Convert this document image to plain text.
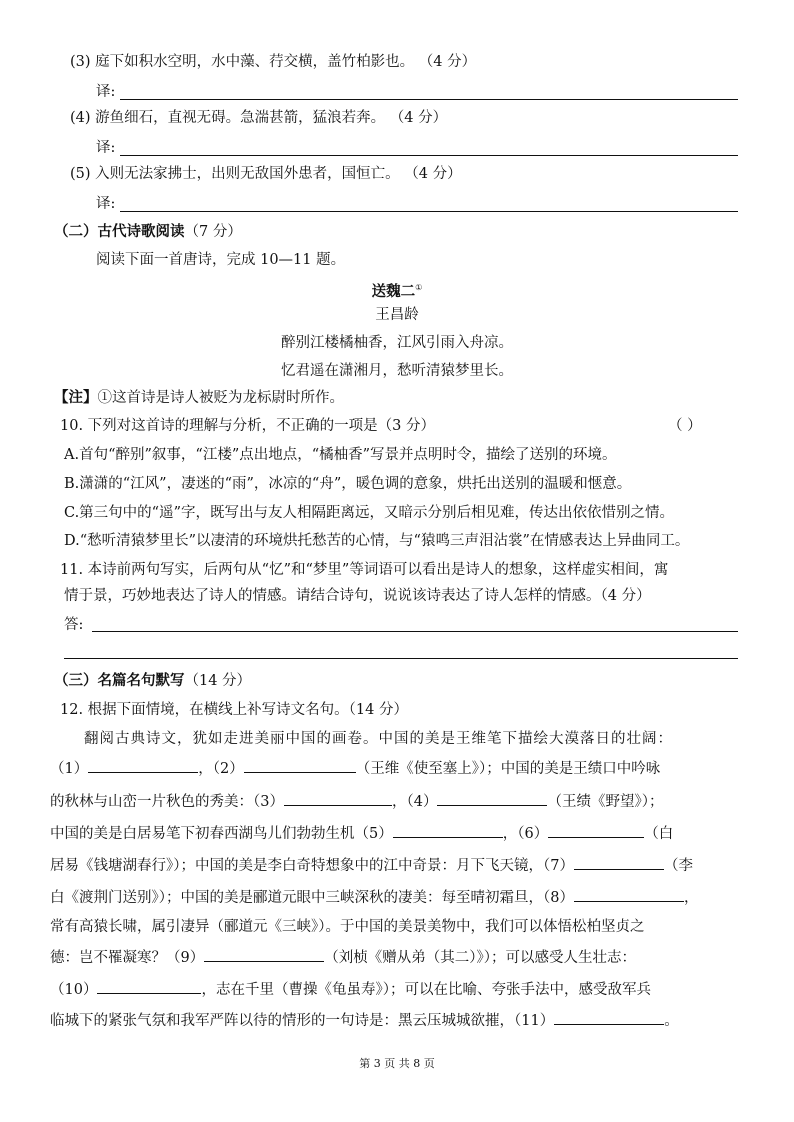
(3) 庭下如积水空明，水中藻、荇交横，盖竹柏影也。 （4 分）
译:
(4) 游鱼细石，直视无碍。急湍甚箭，猛浪若奔。 （4 分）
译:
(5) 入则无法家拂士，出则无敌国外患者，国恒亡。 （4 分）
译:
（二）古代诗歌阅读（7 分）
阅读下面一首唐诗，完成 10—11 题。
送魏二①
王昌龄
醉别江楼橘柚香，江风引雨入舟凉。
忆君遥在潇湘月，愁听清猿梦里长。
【注】①这首诗是诗人被贬为龙标尉时所作。
10. 下列对这首诗的理解与分析，不正确的一项是（3 分）	（ ）
A.首句“醉别”叙事，“江楼”点出地点，“橘柚香”写景并点明时令，描绘了送别的环境。
B.潇潇的“江风”，凄迷的“雨”，冰凉的“舟”，暖色调的意象，烘托出送别的温暖和惬意。
C.第三句中的“遥”字，既写出与友人相隔距离远，又暗示分别后相见难，传达出依依惜别之情。
D.“愁听清猿梦里长”以凄清的环境烘托愁苦的心情，与“猿鸣三声泪沾裳”在情感表达上异曲同工。
11. 本诗前两句写实，后两句从“忆”和“梦里”等词语可以看出是诗人的想象，这样虚实相间，寓
情于景，巧妙地表达了诗人的情感。请结合诗句，说说该诗表达了诗人怎样的情感。（4 分）
答:
（三）名篇名句默写（14 分）
12. 根据下面情境，在横线上补写诗文名句。（14 分）
翻阅古典诗文，犹如走进美丽中国的画卷。中国的美是王维笔下描绘大漠落日的壮阔：
（1）	，（2）	（王维《使至塞上》）；中国的美是王绩口中吟咏
的秋林与山峦一片秋色的秀美：（3）	，（4）	（王绩《野望》）；
中国的美是白居易笔下初春西湖鸟儿们勃勃生机（5）	，（6）	（白
居易《钱塘湖春行》）；中国的美是李白奇特想象中的江中奇景：月下飞天镜，（7）	（李
白《渡荆门送别》）；中国的美是郦道元眼中三峡深秋的凄美：每至晴初霜旦，（8）	，
常有高猿长啸，属引凄异（郦道元《三峡》）。于中国的美景美物中，我们可以体悟松柏坚贞之
德：岂不罹凝寒？（9）	（刘桢《赠从弟（其二）》）；可以感受人生壮志：
（10）	，志在千里（曹操《龟虽寿》）；可以在比喻、夸张手法中，感受敌军兵
临城下的紧张气氛和我军严阵以待的情形的一句诗是：黑云压城城欲摧，（11）	。
第 3 页 共 8 页
